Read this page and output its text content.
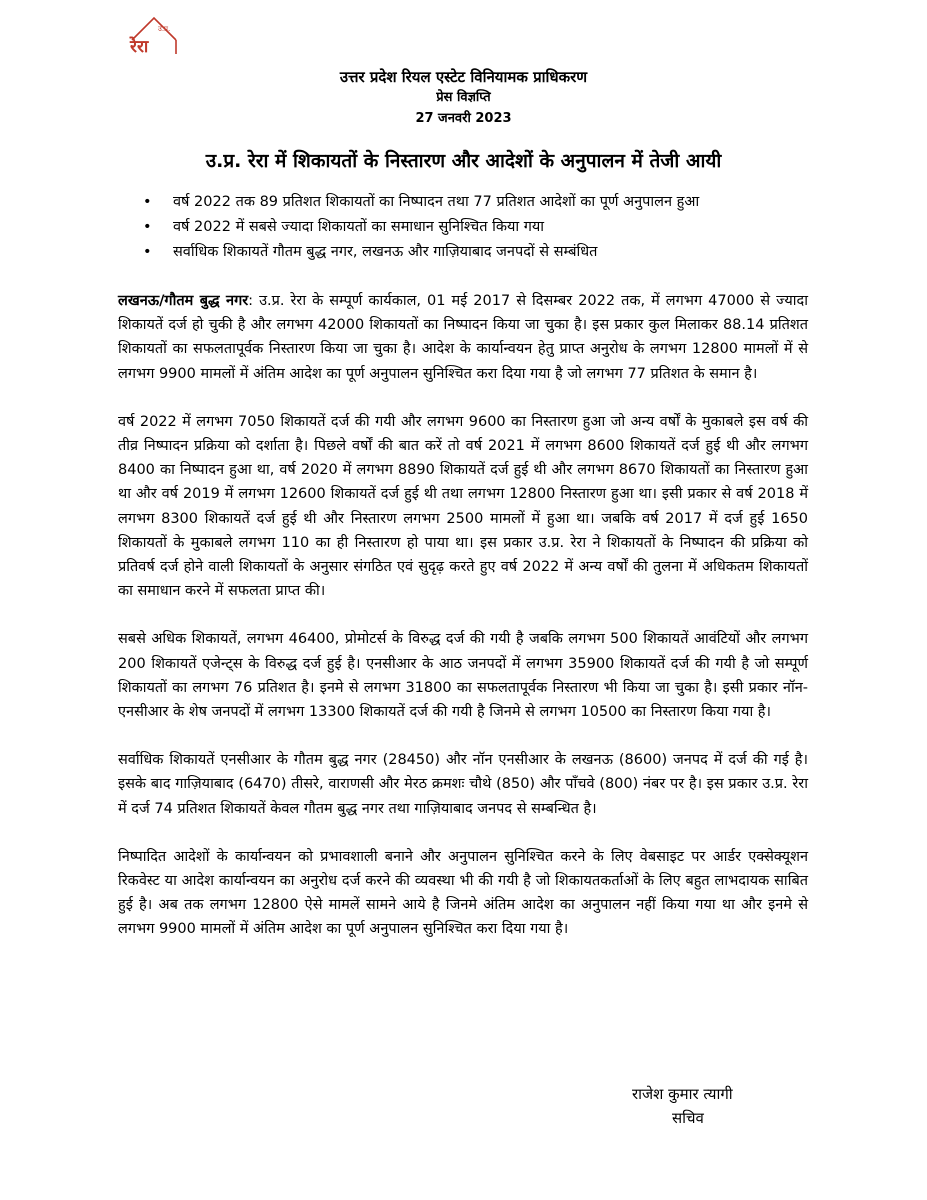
उ.प्र.
रेरा
उत्तर प्रदेश रियल एस्टेट विनियामक प्राधिकरण
प्रेस विज्ञप्ति
27 जनवरी 2023
उ.प्र. रेरा में शिकायतों के निस्तारण और आदेशों के अनुपालन में तेजी आयी
• वर्ष 2022 तक 89 प्रतिशत शिकायतों का निष्पादन तथा 77 प्रतिशत आदेशों का पूर्ण अनुपालन हुआ
• वर्ष 2022 में सबसे ज्यादा शिकायतों का समाधान सुनिश्चित किया गया
• सर्वाधिक शिकायतें गौतम बुद्ध नगर, लखनऊ और गाज़ियाबाद जनपदों से सम्बंधित

लखनऊ/गौतम बुद्ध नगर: उ.प्र. रेरा के सम्पूर्ण कार्यकाल, 01 मई 2017 से दिसम्बर 2022 तक, में लगभग 47000 से ज्यादा शिकायतें दर्ज हो चुकी है और लगभग 42000 शिकायतों का निष्पादन किया जा चुका है। इस प्रकार कुल मिलाकर 88.14 प्रतिशत शिकायतों का सफलतापूर्वक निस्तारण किया जा चुका है। आदेश के कार्यान्वयन हेतु प्राप्त अनुरोध के लगभग 12800 मामलों में से लगभग 9900 मामलों में अंतिम आदेश का पूर्ण अनुपालन सुनिश्चित करा दिया गया है जो लगभग 77 प्रतिशत के समान है।

वर्ष 2022 में लगभग 7050 शिकायतें दर्ज की गयी और लगभग 9600 का निस्तारण हुआ जो अन्य वर्षों के मुकाबले इस वर्ष की तीव्र निष्पादन प्रक्रिया को दर्शाता है। पिछले वर्षों की बात करें तो वर्ष 2021 में लगभग 8600 शिकायतें दर्ज हुई थी और लगभग 8400 का निष्पादन हुआ था, वर्ष 2020 में लगभग 8890 शिकायतें दर्ज हुई थी और लगभग 8670 शिकायतों का निस्तारण हुआ था और वर्ष 2019 में लगभग 12600 शिकायतें दर्ज हुई थी तथा लगभग 12800 निस्तारण हुआ था। इसी प्रकार से वर्ष 2018 में लगभग 8300 शिकायतें दर्ज हुई थी और निस्तारण लगभग 2500 मामलों में हुआ था। जबकि वर्ष 2017 में दर्ज हुई 1650 शिकायतों के मुकाबले लगभग 110 का ही निस्तारण हो पाया था। इस प्रकार उ.प्र. रेरा ने शिकायतों के निष्पादन की प्रक्रिया को प्रतिवर्ष दर्ज होने वाली शिकायतों के अनुसार संगठित एवं सुदृढ़ करते हुए वर्ष 2022 में अन्य वर्षों की तुलना में अधिकतम शिकायतों का समाधान करने में सफलता प्राप्त की।

सबसे अधिक शिकायतें, लगभग 46400, प्रोमोटर्स के विरुद्ध दर्ज की गयी है जबकि लगभग 500 शिकायतें आवंटियों और लगभग 200 शिकायतें एजेन्ट्स के विरुद्ध दर्ज हुई है। एनसीआर के आठ जनपदों में लगभग 35900 शिकायतें दर्ज की गयी है जो सम्पूर्ण शिकायतों का लगभग 76 प्रतिशत है। इनमे से लगभग 31800 का सफलतापूर्वक निस्तारण भी किया जा चुका है। इसी प्रकार नॉन-एनसीआर के शेष जनपदों में लगभग 13300 शिकायतें दर्ज की गयी है जिनमे से लगभग 10500 का निस्तारण किया गया है।

सर्वाधिक शिकायतें एनसीआर के गौतम बुद्ध नगर (28450) और नॉन एनसीआर के लखनऊ (8600) जनपद में दर्ज की गई है। इसके बाद गाज़ियाबाद (6470) तीसरे, वाराणसी और मेरठ क्रमशः चौथे (850) और पाँचवे (800) नंबर पर है। इस प्रकार उ.प्र. रेरा में दर्ज 74 प्रतिशत शिकायतें केवल गौतम बुद्ध नगर तथा गाज़ियाबाद जनपद से सम्बन्धित है।

निष्पादित आदेशों के कार्यान्वयन को प्रभावशाली बनाने और अनुपालन सुनिश्चित करने के लिए वेबसाइट पर आर्डर एक्सेक्यूशन रिकवेस्ट या आदेश कार्यान्वयन का अनुरोध दर्ज करने की व्यवस्था भी की गयी है जो शिकायतकर्ताओं के लिए बहुत लाभदायक साबित हुई है। अब तक लगभग 12800 ऐसे मामलें सामने आये है जिनमे अंतिम आदेश का अनुपालन नहीं किया गया था और इनमे से लगभग 9900 मामलों में अंतिम आदेश का पूर्ण अनुपालन सुनिश्चित करा दिया गया है।

राजेश कुमार त्यागी
सचिव
